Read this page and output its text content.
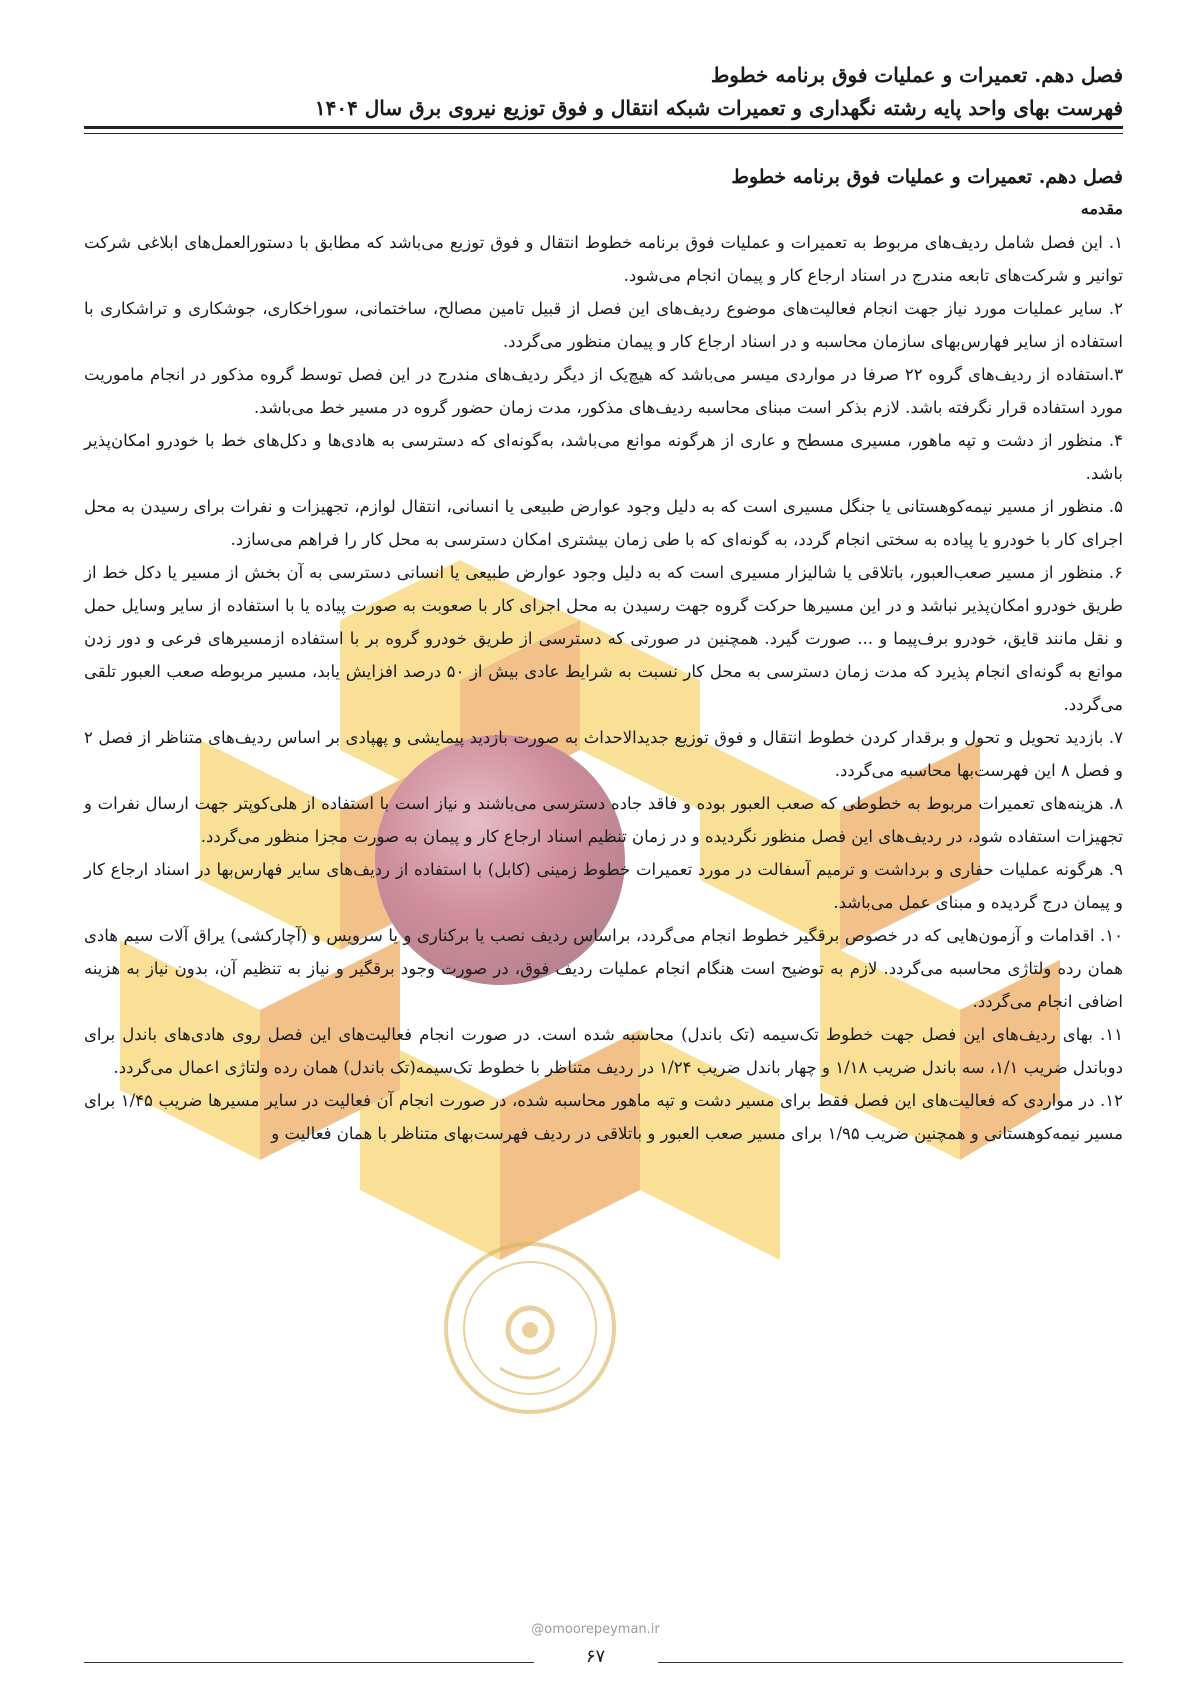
فصل دهم. تعمیرات و عملیات فوق برنامه خطوط
فهرست بهای واحد پایه رشته نگهداری و تعمیرات شبکه انتقال و فوق توزیع نیروی برق سال ۱۴۰۴
فصل دهم. تعمیرات و عملیات فوق برنامه خطوط
مقدمه

۱. این فصل شامل ردیف‌های مربوط به تعمیرات و عملیات فوق برنامه خطوط انتقال و فوق توزیع می‌باشد که مطابق با دستورالعمل‌های ابلاغی شرکت توانیر و شرکت‌های تابعه مندرج در اسناد ارجاع کار و پیمان انجام می‌شود.

۲. سایر عملیات مورد نیاز جهت انجام فعالیت‌های موضوع ردیف‌های این فصل از قبیل تامین مصالح، ساختمانی، سوراخکاری، جوشکاری و تراشکاری با استفاده از سایر فهارس‌بهای سازمان محاسبه و در اسناد ارجاع کار و پیمان منظور می‌گردد.

۳.استفاده از ردیف‌های گروه ۲۲ صرفا در مواردی میسر می‌باشد که هیچ‌یک از دیگر ردیف‌های مندرج در این فصل توسط گروه مذکور در انجام ماموریت مورد استفاده قرار نگرفته باشد. لازم بذکر است مبنای محاسبه ردیف‌های مذکور، مدت زمان حضور گروه در مسیر خط می‌باشد.

۴. منظور از دشت و تپه ماهور، مسیری مسطح و عاری از هرگونه موانع می‌باشد، به‌گونه‌ای که دسترسی به هادی‌ها و دکل‌های خط با خودرو امکان‌پذیر باشد.

۵. منظور از مسیر نیمه‌کوهستانی یا جنگل مسیری است که به دلیل وجود عوارض طبیعی یا انسانی، انتقال لوازم، تجهیزات و نفرات برای رسیدن به محل اجرای کار با خودرو یا پیاده به سختی انجام گردد، به گونه‌ای که با طی زمان بیشتری امکان دسترسی به محل کار را فراهم می‌سازد.

۶. منظور از مسیر صعب‌العبور، باتلاقی یا شالیزار مسیری است که به دلیل وجود عوارض طبیعی یا انسانی دسترسی به آن بخش از مسیر یا دکل خط از طریق خودرو امکان‌پذیر نباشد و در این مسیرها حرکت گروه جهت رسیدن به محل اجرای کار با صعوبت به صورت پیاده یا با استفاده از سایر وسایل حمل و نقل مانند قایق، خودرو برف‌پیما و ... صورت گیرد. همچنین در صورتی که دسترسی از طریق خودرو گروه بر با استفاده ازمسیرهای فرعی و دور زدن موانع به گونه‌ای انجام پذیرد که مدت زمان دسترسی به محل کار نسبت به شرایط عادی بیش از ۵۰ درصد افزایش یابد، مسیر مربوطه صعب العبور تلقی می‌گردد.

۷. بازدید تحویل و تحول و برقدار کردن خطوط انتقال و فوق توزیع جدیدالاحداث به صورت بازدید پیمایشی و پهپادی بر اساس ردیف‌های متناظر از فصل ۲ و فصل ۸ این فهرست‌بها محاسبه می‌گردد.

۸. هزینه‌های تعمیرات مربوط به خطوطی که صعب العبور بوده و فاقد جاده دسترسی می‌باشند و نیاز است با استفاده از هلی‌کوپتر جهت ارسال نفرات و تجهیزات استفاده شود، در ردیف‌های این فصل منظور نگردیده و در زمان تنظیم اسناد ارجاع کار و پیمان به صورت مجزا منظور می‌گردد.

۹. هرگونه عملیات حفاری و برداشت و ترمیم آسفالت در مورد تعمیرات خطوط زمینی (کابل) با استفاده از ردیف‌های سایر فهارس‌بها در اسناد ارجاع کار و پیمان درج گردیده و مبنای عمل می‌باشد.

۱۰. اقدامات و آزمون‌هایی که در خصوص برقگیر خطوط انجام می‌گردد، براساس ردیف نصب یا برکناری و یا سرویس و (آچارکشی) یراق آلات سیم هادی همان رده ولتاژی محاسبه می‌گردد. لازم به توضیح است هنگام انجام عملیات ردیف فوق، در صورت وجود برقگیر و نیاز به تنظیم آن، بدون نیاز به هزینه اضافی انجام می‌گردد.

۱۱. بهای ردیف‌های این فصل جهت خطوط تک‌سیمه (تک باندل) محاسبه شده است. در صورت انجام فعالیت‌های این فصل روی هادی‌های باندل برای دوباندل ضریب ۱/۱، سه باندل ضریب ۱/۱۸ و چهار باندل ضریب ۱/۲۴ در ردیف متناظر با خطوط تک‌سیمه(تک باندل) همان رده ولتاژی اعمال می‌گردد.

۱۲. در مواردی که فعالیت‌های این فصل فقط برای مسیر دشت و تپه ماهور محاسبه شده، در صورت انجام آن فعالیت در سایر مسیرها ضریب ۱/۴۵ برای مسیر نیمه‌کوهستانی و همچنین ضریب ۱/۹۵ برای مسیر صعب العبور و باتلاقی در ردیف فهرست‌بهای متناظر با همان فعالیت و

@omoorepeyman.ir
۶۷
